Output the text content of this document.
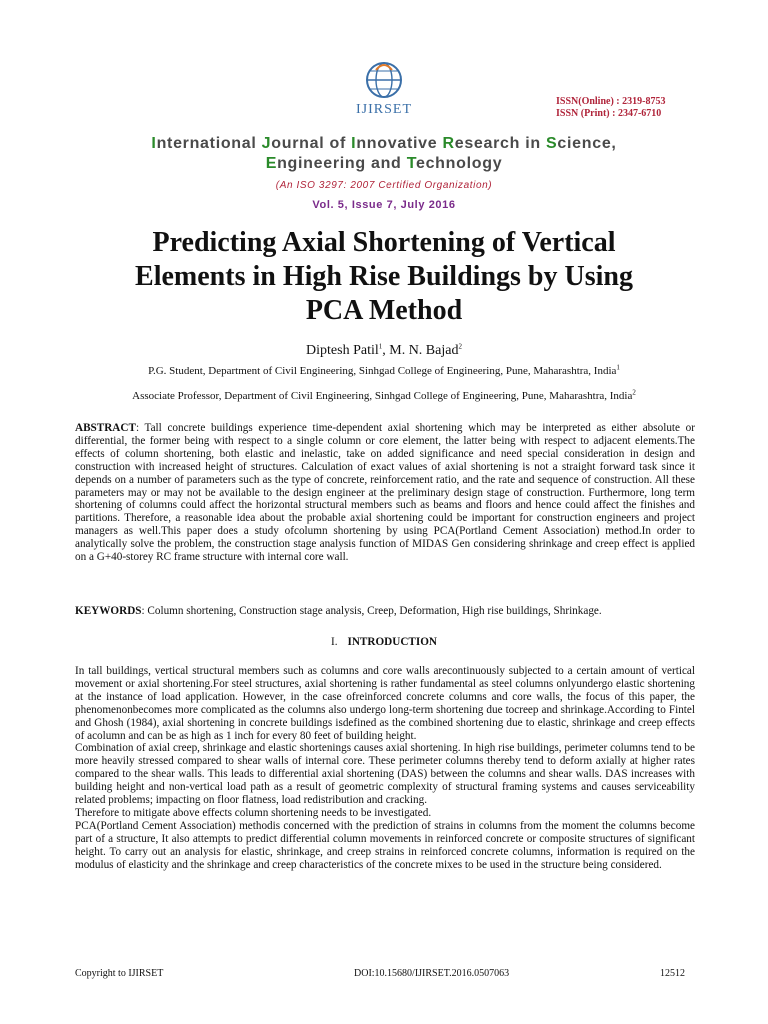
IJIRSET
ISSN(Online) : 2319-8753
ISSN (Print) : 2347-6710
International Journal of Innovative Research in Science,
Engineering and Technology
(An ISO 3297: 2007 Certified Organization)
Vol. 5, Issue 7, July 2016
Predicting Axial Shortening of Vertical
Elements in High Rise Buildings by Using
PCA Method
Diptesh Patil$^1$, M. N. Bajad$^2$
P.G. Student, Department of Civil Engineering, Sinhgad College of Engineering, Pune, Maharashtra, India$^1$
Associate Professor, Department of Civil Engineering, Sinhgad College of Engineering, Pune, Maharashtra, India$^2$
ABSTRACT: Tall concrete buildings experience time-dependent axial shortening which may be interpreted as either absolute or differential, the former being with respect to a single column or core element, the latter being with respect to adjacent elements.The effects of column shortening, both elastic and inelastic, take on added significance and need special consideration in design and construction with increased height of structures. Calculation of exact values of axial shortening is not a straight forward task since it depends on a number of parameters such as the type of concrete, reinforcement ratio, and the rate and sequence of construction. All these parameters may or may not be available to the design engineer at the preliminary design stage of construction. Furthermore, long term shortening of columns could affect the horizontal structural members such as beams and floors and hence could affect the finishes and partitions. Therefore, a reasonable idea about the probable axial shortening could be important for construction engineers and project managers as well.This paper does a study ofcolumn shortening by using PCA(Portland Cement Association) method.In order to analytically solve the problem, the construction stage analysis function of MIDAS Gen considering shrinkage and creep effect is applied on a G+40-storey RC frame structure with internal core wall.
KEYWORDS: Column shortening, Construction stage analysis, Creep, Deformation, High rise buildings, Shrinkage.
I. INTRODUCTION

In tall buildings, vertical structural members such as columns and core walls arecontinuously subjected to a certain amount of vertical movement or axial shortening.For steel structures, axial shortening is rather fundamental as steel columns onlyundergo elastic shortening at the instance of load application. However, in the case ofreinforced concrete columns and core walls, the focus of this paper, the phenomenonbecomes more complicated as the columns also undergo long-term shortening due tocreep and shrinkage.According to Fintel and Ghosh (1984), axial shortening in concrete buildings isdefined as the combined shortening due to elastic, shrinkage and creep effects of acolumn and can be as high as 1 inch for every 80 feet of building height.

Combination of axial creep, shrinkage and elastic shortenings causes axial shortening. In high rise buildings, perimeter columns tend to be more heavily stressed compared to shear walls of internal core. These perimeter columns thereby tend to deform axially at higher rates compared to the shear walls. This leads to differential axial shortening (DAS) between the columns and shear walls. DAS increases with building height and non-vertical load path as a result of geometric complexity of structural framing systems and causes serviceability related problems; impacting on floor flatness, load redistribution and cracking.

Therefore to mitigate above effects column shortening needs to be investigated.

PCA(Portland Cement Association) methodis concerned with the prediction of strains in columns from the moment the columns become part of a structure, It also attempts to predict differential column movements in reinforced concrete or composite structures of significant height. To carry out an analysis for elastic, shrinkage, and creep strains in reinforced concrete columns, information is required on the modulus of elasticity and the shrinkage and creep characteristics of the concrete mixes to be used in the structure being considered.

Copyright to IJIRSET	DOI:10.15680/IJIRSET.2016.0507063	12512
